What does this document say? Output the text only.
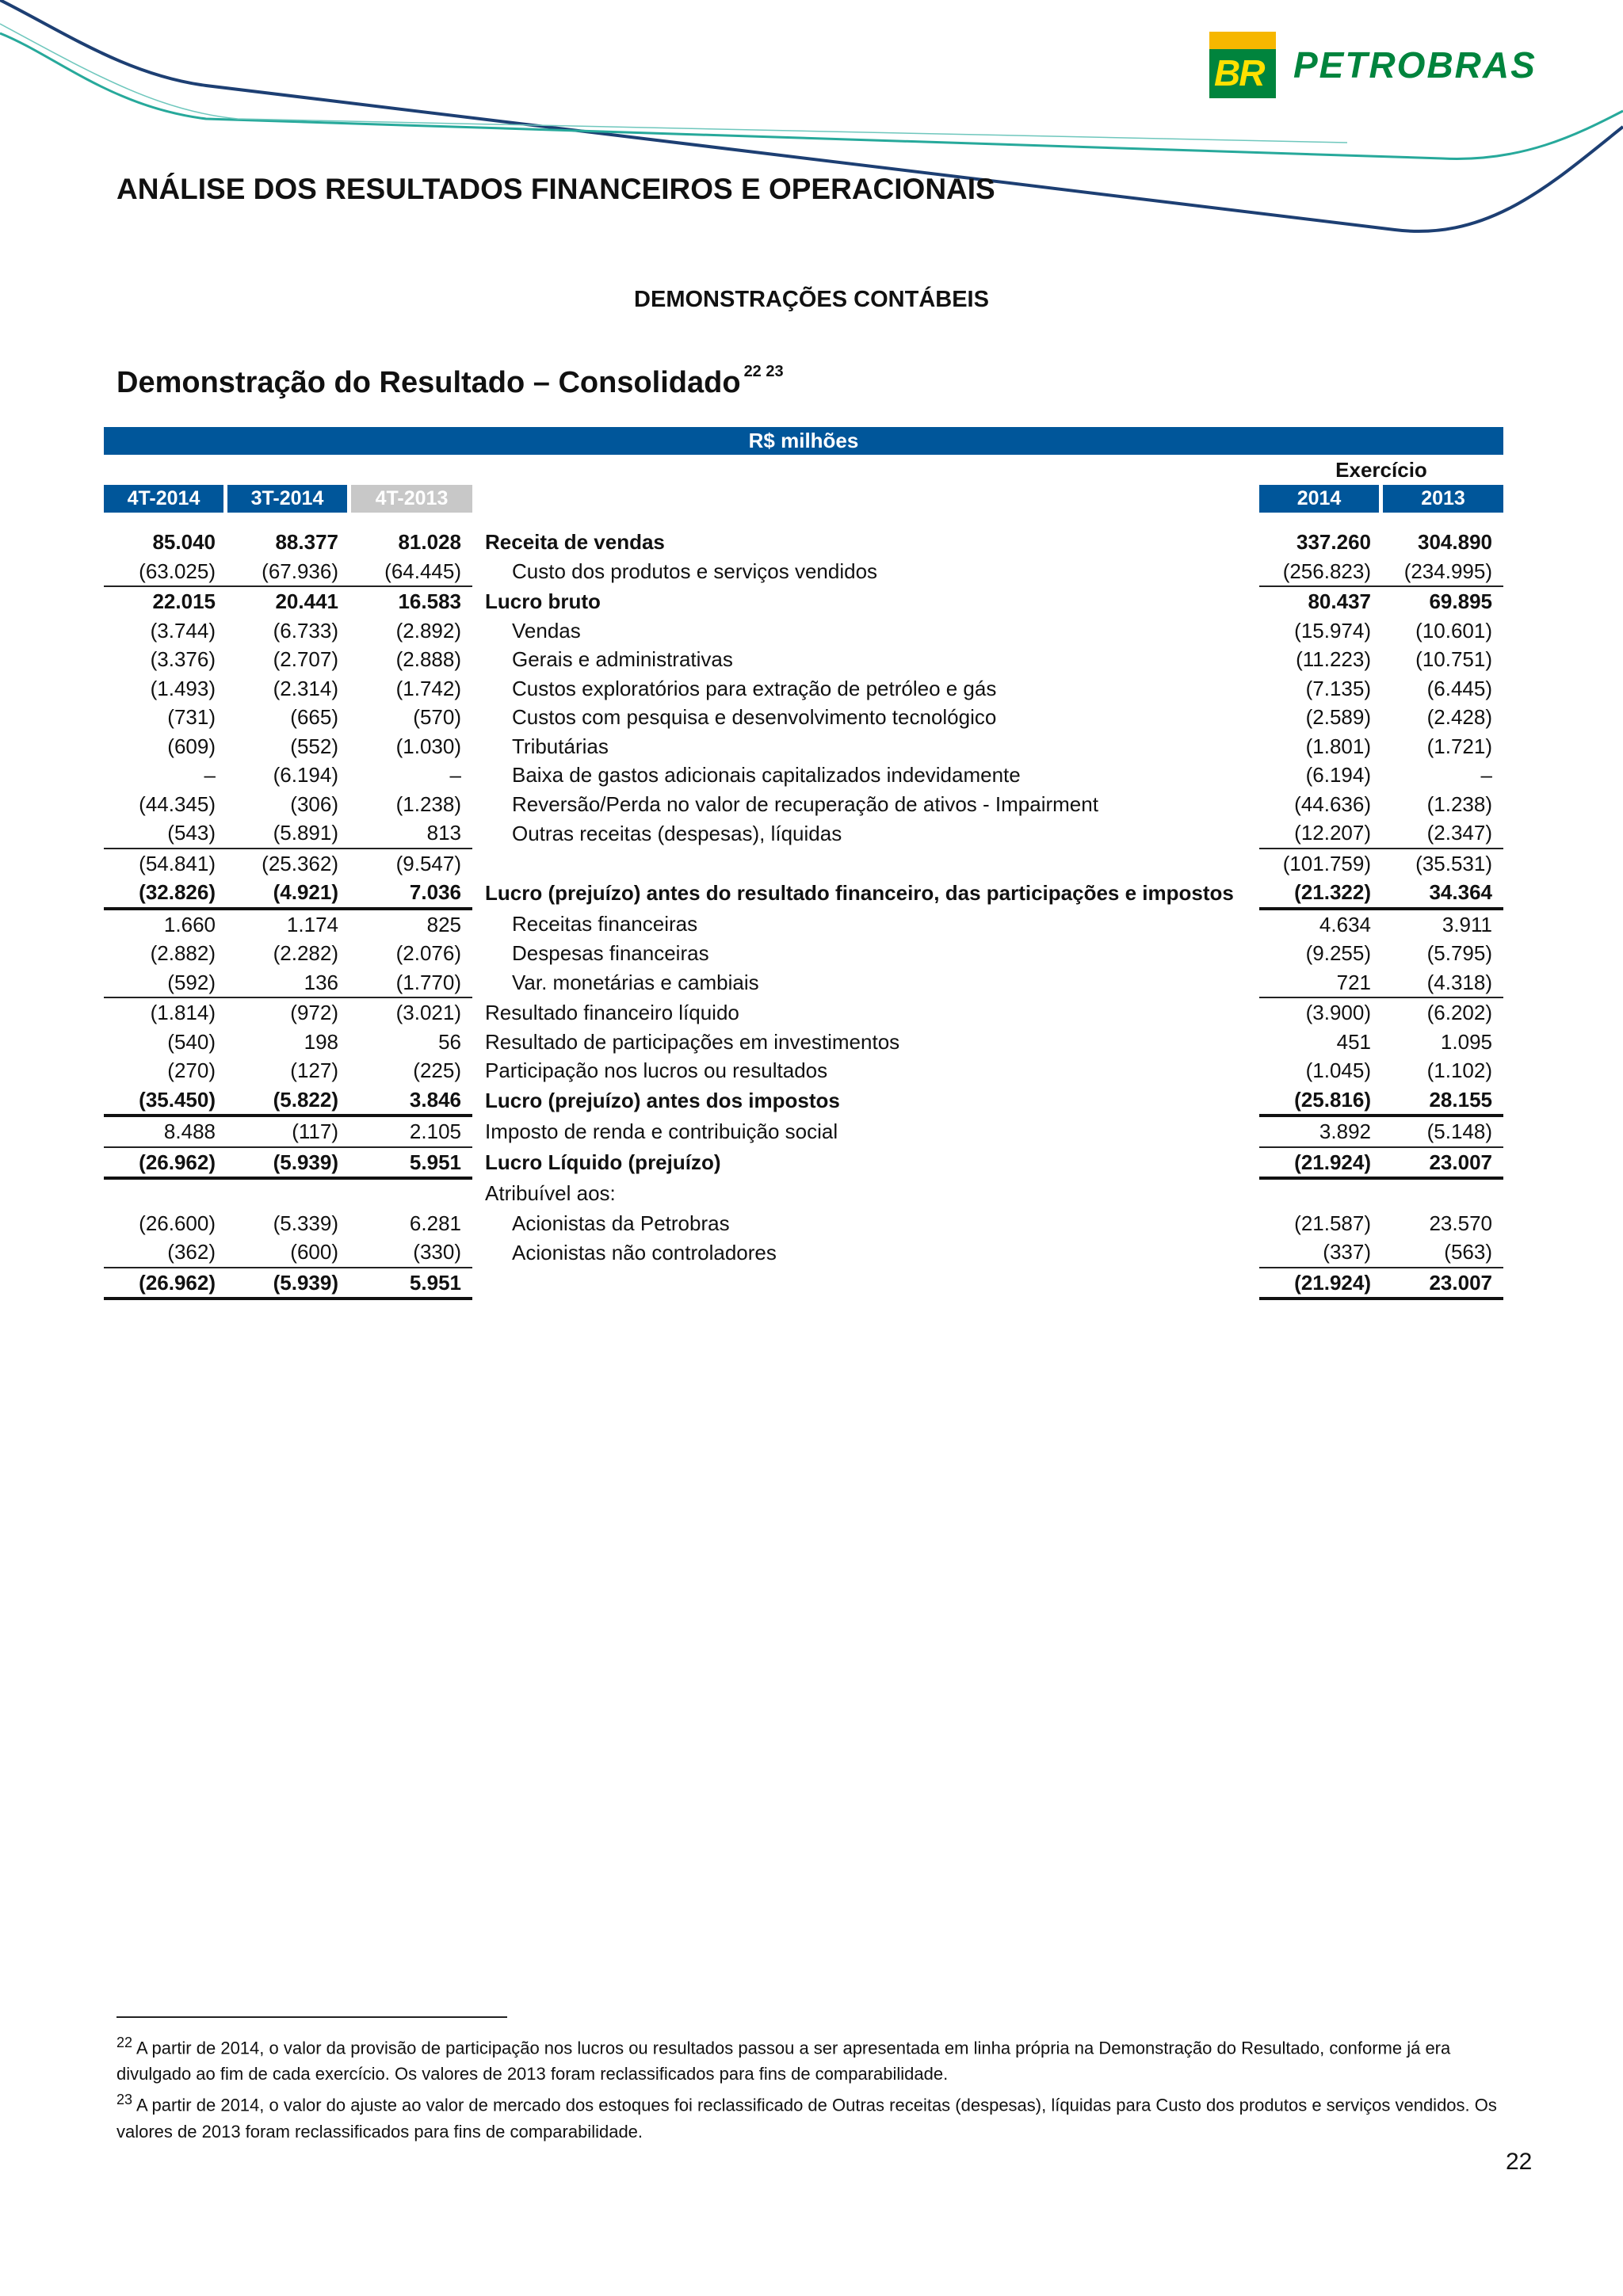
BR PETROBRAS
ANÁLISE DOS RESULTADOS FINANCEIROS E OPERACIONAIS
DEMONSTRAÇÕES CONTÁBEIS
Demonstração do Resultado – Consolidado $^{22 23}$
R$ milhões
Exercício
4T-2014	3T-2014	4T-2013	2014	2013
85.040	88.377	81.028	Receita de vendas	337.260	304.890
(63.025)	(67.936)	(64.445)	Custo dos produtos e serviços vendidos	(256.823)	(234.995)
22.015	20.441	16.583	Lucro bruto	80.437	69.895
(3.744)	(6.733)	(2.892)	Vendas	(15.974)	(10.601)
(3.376)	(2.707)	(2.888)	Gerais e administrativas	(11.223)	(10.751)
(1.493)	(2.314)	(1.742)	Custos exploratórios para extração de petróleo e gás	(7.135)	(6.445)
(731)	(665)	(570)	Custos com pesquisa e desenvolvimento tecnológico	(2.589)	(2.428)
(609)	(552)	(1.030)	Tributárias	(1.801)	(1.721)
–	(6.194)	–	Baixa de gastos adicionais capitalizados indevidamente	(6.194)	–
(44.345)	(306)	(1.238)	Reversão/Perda no valor de recuperação de ativos - Impairment	(44.636)	(1.238)
(543)	(5.891)	813	Outras receitas (despesas), líquidas	(12.207)	(2.347)
(54.841)	(25.362)	(9.547)		(101.759)	(35.531)
(32.826)	(4.921)	7.036	Lucro (prejuízo) antes do resultado financeiro, das participações e impostos	(21.322)	34.364
1.660	1.174	825	Receitas financeiras	4.634	3.911
(2.882)	(2.282)	(2.076)	Despesas financeiras	(9.255)	(5.795)
(592)	136	(1.770)	Var. monetárias e cambiais	721	(4.318)
(1.814)	(972)	(3.021)	Resultado financeiro líquido	(3.900)	(6.202)
(540)	198	56	Resultado de participações em investimentos	451	1.095
(270)	(127)	(225)	Participação nos lucros ou resultados	(1.045)	(1.102)
(35.450)	(5.822)	3.846	Lucro (prejuízo) antes dos impostos	(25.816)	28.155
8.488	(117)	2.105	Imposto de renda e contribuição social	3.892	(5.148)
(26.962)	(5.939)	5.951	Lucro Líquido (prejuízo)	(21.924)	23.007
			Atribuível aos:		
(26.600)	(5.339)	6.281	Acionistas da Petrobras	(21.587)	23.570
(362)	(600)	(330)	Acionistas não controladores	(337)	(563)
(26.962)	(5.939)	5.951		(21.924)	23.007
$^{22}$ A partir de 2014, o valor da provisão de participação nos lucros ou resultados passou a ser apresentada em linha própria na Demonstração do Resultado, conforme já era divulgado ao fim de cada exercício. Os valores de 2013 foram reclassificados para fins de comparabilidade.
$^{23}$ A partir de 2014, o valor do ajuste ao valor de mercado dos estoques foi reclassificado de Outras receitas (despesas), líquidas para Custo dos produtos e serviços vendidos. Os valores de 2013 foram reclassificados para fins de comparabilidade.
22
